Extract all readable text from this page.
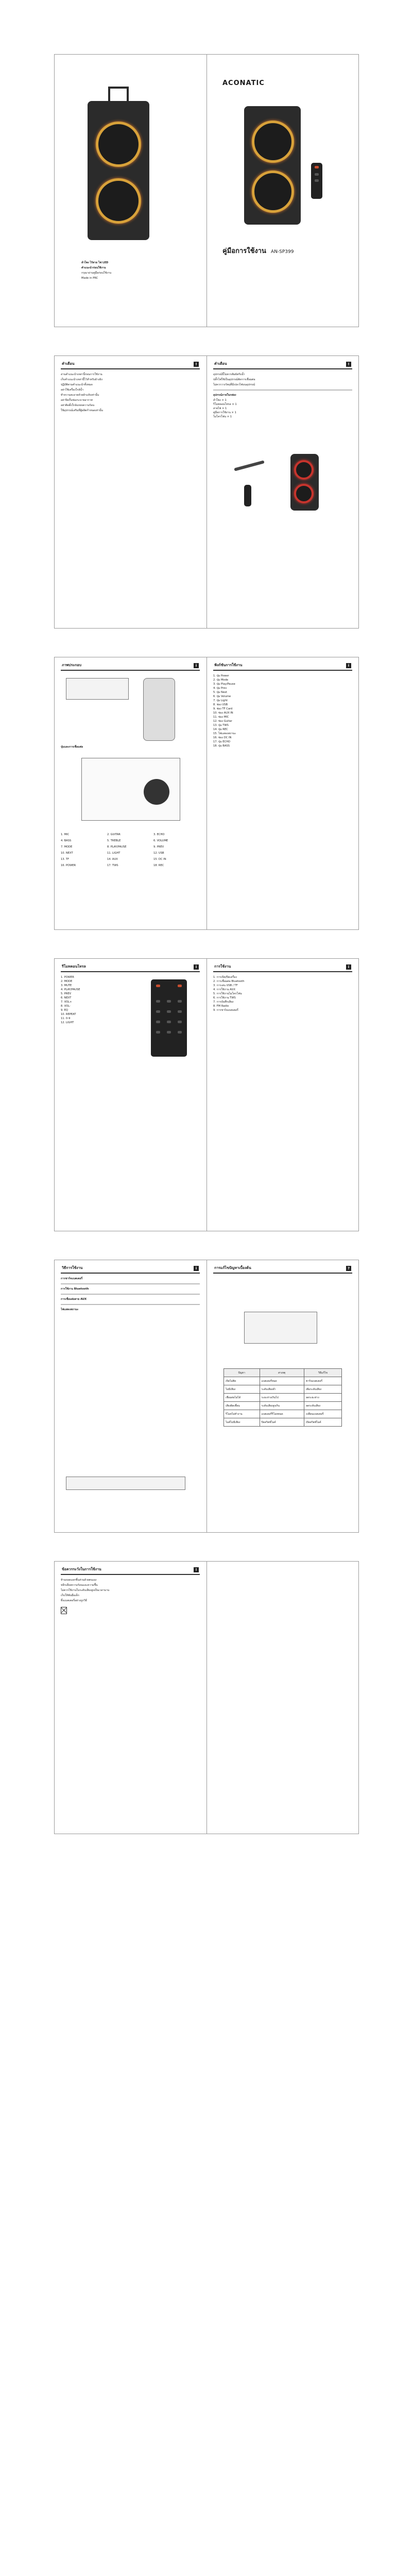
ลำโพง ไร้สาย ไฟ LED
คำแนะนำก่อนใช้งาน
กรุณาอ่านคู่มือก่อนใช้งาน
Made in PRC
ACONATIC
คู่มือการใช้งาน AN-SP399
คำเตือน	!

อ่านคำแนะนำเหล่านี้ก่อนการใช้งาน

เก็บคำแนะนำเหล่านี้ไว้สำหรับอ้างอิง

ปฏิบัติตามคำแนะนำทั้งหมด

อย่าใช้เครื่องใกล้น้ำ

ทำความสะอาดด้วยผ้าแห้งเท่านั้น

อย่าปิดกั้นช่องระบายอากาศ

อย่าติดตั้งใกล้แหล่งความร้อน

ใช้อุปกรณ์เสริมที่ผู้ผลิตกำหนดเท่านั้น

คำเตือน	!

อุปกรณ์นี้ไม่ควรสัมผัสกับน้ำ

ปลั๊กไฟใช้เป็นอุปกรณ์ตัดการเชื่อมต่อ

ไม่ควรวางวัตถุที่มีเปลวไฟบนอุปกรณ์

อุปกรณ์ภายในกล่อง

ลำโพง × 1
รีโมทคอนโทรล × 1
สายไฟ × 1
คู่มือการใช้งาน × 1
ไมโครโฟน × 1
ภาพประกอบ	i

ปุ่มและการเชื่อมต่อ

1. MIC	2. GUITAR	3. ECHO
4. BASS	5. TREBLE	6. VOLUME
7. MODE	8. PLAY/PAUSE	9. PREV
10. NEXT	11. LIGHT	12. USB
13. TF	14. AUX	15. DC IN
16. POWER	17. TWS	18. REC
ฟังก์ชันการใช้งาน	i
1. ปุ่ม Power
2. ปุ่ม Mode
3. ปุ่ม Play/Pause
4. ปุ่ม Prev
5. ปุ่ม Next
6. ปุ่ม Volume
7. ปุ่ม Light
8. ช่อง USB
9. ช่อง TF Card
10. ช่อง AUX IN
11. ช่อง MIC
12. ช่อง Guitar
13. ปุ่ม TWS
14. ปุ่ม REC
15. ไฟแสดงสถานะ
16. ช่อง DC IN
17. ปุ่ม ECHO
18. ปุ่ม BASS
รีโมทคอนโทรล	i
1. POWER
2. MODE
3. MUTE
4. PLAY/PAUSE
5. PREV
6. NEXT
7. VOL+
8. VOL-
9. EQ
10. REPEAT
11. 0-9
12. LIGHT
การใช้งาน	i
1. การเปิด/ปิดเครื่อง
2. การเชื่อมต่อ Bluetooth
3. การเล่น USB / TF
4. การใช้งาน AUX
5. การใช้งานไมโครโฟน
6. การใช้งาน TWS
7. การบันทึกเสียง
8. FM Radio
9. การชาร์จแบตเตอรี่
วิธีการใช้งาน	i

การชาร์จแบตเตอรี่

การใช้งาน Bluetooth

การเชื่อมต่อสาย AUX

ไฟแสดงสถานะ

การแก้ไขปัญหาเบื้องต้น	?
ปัญหา	สาเหตุ	วิธีแก้ไข
เปิดไม่ติด	แบตเตอรี่หมด	ชาร์จแบตเตอรี่
ไม่มีเสียง	ระดับเสียงต่ำ	เพิ่มระดับเสียง
เชื่อมต่อไม่ได้	ระยะห่างเกินไป	ลดระยะห่าง
เสียงผิดเพี้ยน	ระดับเสียงสูงเกิน	ลดระดับเสียง
รีโมทไม่ทำงาน	แบตเตอรี่รีโมทหมด	เปลี่ยนแบตเตอรี่
ไมค์ไม่มีเสียง	ปิดสวิตช์ไมค์	เปิดสวิตช์ไมค์
ข้อควรระวังในการใช้งาน	!

ห้ามถอดแยกชิ้นส่วนด้วยตนเอง

หลีกเลี่ยงความร้อนและความชื้น

ไม่ควรใช้งานในระดับเสียงสูงเป็นเวลานาน

เก็บให้พ้นมือเด็ก

ทิ้งแบตเตอรี่อย่างถูกวิธี
